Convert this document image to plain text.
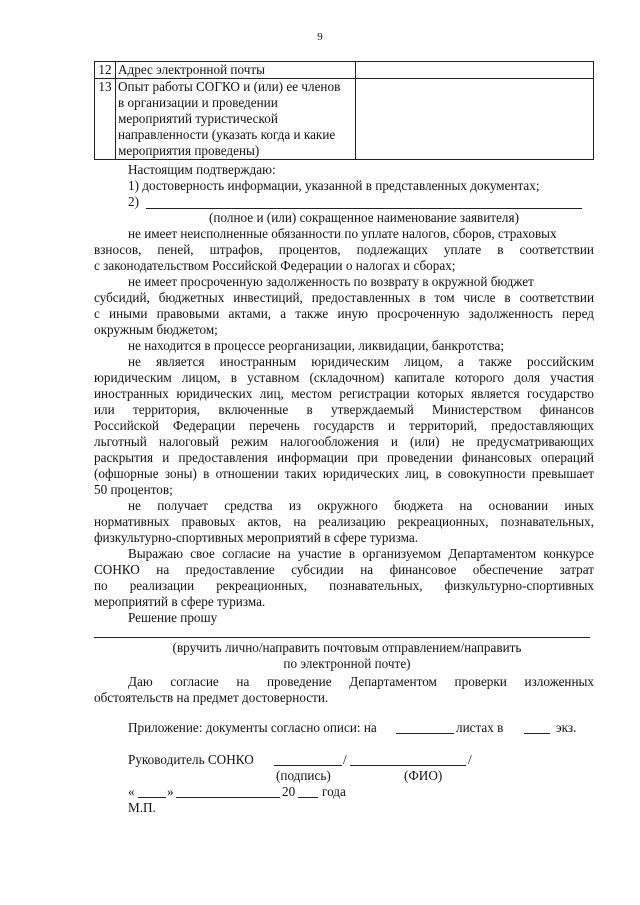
9
12	Адрес электронной почты	
13	Опыт работы СОГКО и (или) ее членов
в организации и проведении
мероприятий туристической
направленности (указать когда и какие
мероприятия проведены)	

Настоящим подтверждаю:
1) достоверность информации, указанной в представленных документах;
2)
(полное и (или) сокращенное наименование заявителя)
не имеет неисполненные обязанности по уплате налогов, сборов, страховых
взносов, пеней, штрафов, процентов, подлежащих уплате в соответствии
с законодательством Российской Федерации о налогах и сборах;
не имеет просроченную задолженность по возврату в окружной бюджет
субсидий, бюджетных инвестиций, предоставленных в том числе в соответствии
с иными правовыми актами, а также иную просроченную задолженность перед
окружным бюджетом;
не находится в процессе реорганизации, ликвидации, банкротства;
не является иностранным юридическим лицом, а также российским
юридическим лицом, в уставном (складочном) капитале которого доля участия
иностранных юридических лиц, местом регистрации которых является государство
или территория, включенные в утверждаемый Министерством финансов
Российской Федерации перечень государств и территорий, предоставляющих
льготный налоговый режим налогообложения и (или) не предусматривающих
раскрытия и предоставления информации при проведении финансовых операций
(офшорные зоны) в отношении таких юридических лиц, в совокупности превышает
50 процентов;
не получает средства из окружного бюджета на основании иных
нормативных правовых актов, на реализацию рекреационных, познавательных,
физкультурно-спортивных мероприятий в сфере туризма.
Выражаю свое согласие на участие в организуемом Департаментом конкурсе
СОНКО на предоставление субсидии на финансовое обеспечение затрат
по реализации рекреационных, познавательных, физкультурно-спортивных
мероприятий в сфере туризма.
Решение прошу
(вручить лично/направить почтовым отправлением/направить
по электронной почте)
Даю согласие на проведение Департаментом проверки изложенных
обстоятельств на предмет достоверности.
Приложение: документы согласно описи: на	листах в	экз.
Руководитель СОНКО	/	/
(подпись)	(ФИО)
« »	20 года
М.П.
